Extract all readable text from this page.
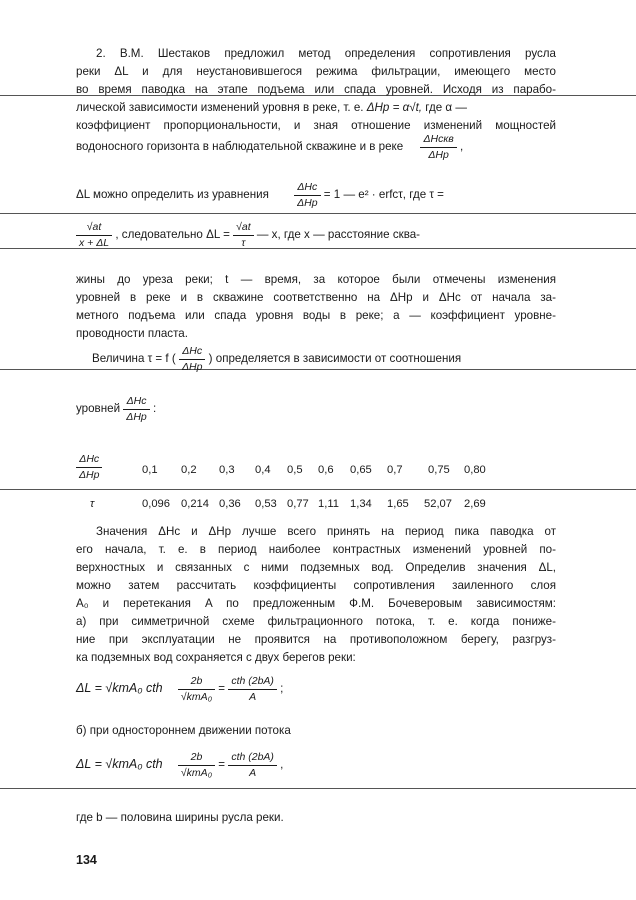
2. В.М. Шестаков предложил метод определения сопротивления русла
реки ΔL и для неустановившегося режима фильтрации, имеющего место
во время паводка на этапе подъема или спада уровней. Исходя из парабо-
лической зависимости изменений уровня в реке, т. е. ΔHp = α√t, где α —
коэффициент пропорциональности, и зная отношение изменений мощностей
водоносного горизонта в наблюдательной скважине и в реке
ΔHскв
ΔHp
,
ΔL можно определить из уравнения
ΔHc
ΔHp
= 1 — e² · erfcτ, где τ =
$\frac{√at}{x + \Delta L}$ , следовательно $\Delta L = \frac{√at}{\tau}$ — x, где x — расстояние сква-
жины до уреза реки; t — время, за которое были отмечены изменения
уровней в реке и в скважине соответственно на ΔHp и ΔHc от начала за-
метного подъема или спада уровня воды в реке; a — коэффициент уровне-
проводности пласта.
Величина τ = f (
ΔHc
ΔHp
) определяется в зависимости от соотношения
уровней
ΔHc
ΔHp
:
ΔHc
ΔHp	0,1 0,2 0,3 0,4 0,5 0,6 0,65 0,7 0,75 0,80
τ	0,096 0,214 0,36 0,53 0,77 1,11 1,34 1,65 52,07 2,69
Значения ΔHc и ΔHp лучше всего принять на период пика паводка от
его начала, т. е. в период наиболее контрастных изменений уровней по-
верхностных и связанных с ними подземных вод. Определив значения ΔL,
можно затем рассчитать коэффициенты сопротивления заиленного слоя
A₀ и перетекания A по предложенным Ф.М. Бочеверовым зависимостям:
а) при симметричной схеме фильтрационного потока, т. е. когда пониже-
ние при эксплуатации не проявится на противоположном берегу, разгруз-
ка подземных вод сохраняется с двух берегов реки:
ΔL = √kmA₀ cth
2b
√kmA₀
=
cth (2bA)
A
;
б) при одностороннем движении потока
ΔL = √kmA₀ cth
2b
√kmA₀
=
cth (2bA)
A
,
где b — половина ширины русла реки.
134
